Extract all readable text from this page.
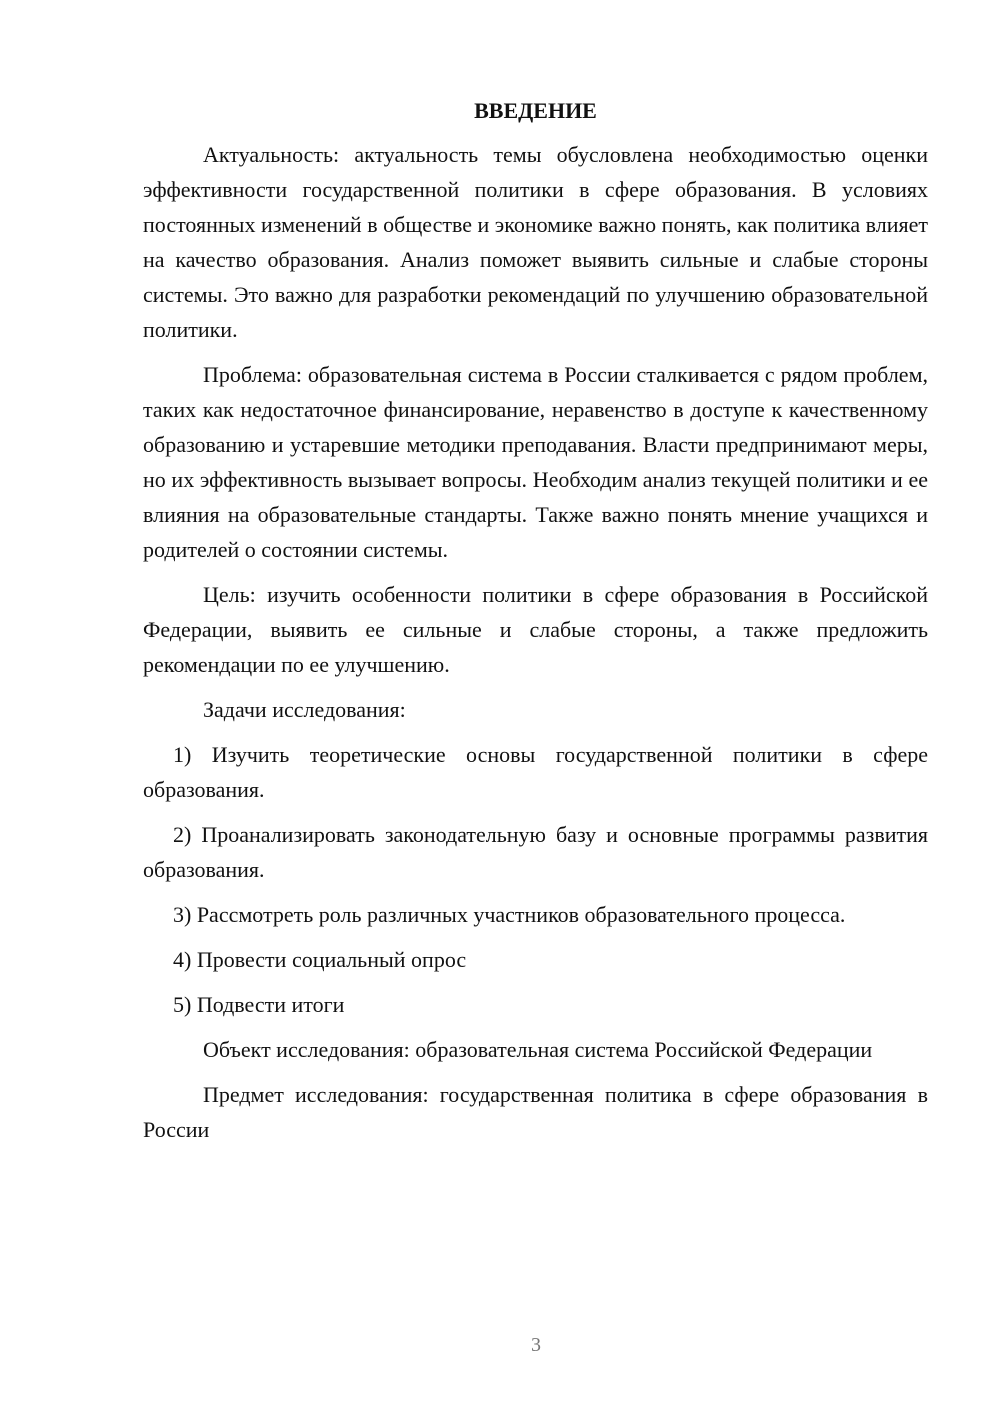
ВВЕДЕНИЕ

Актуальность: актуальность темы обусловлена необходимостью оценки эффективности государственной политики в сфере образования. В условиях постоянных изменений в обществе и экономике важно понять, как политика влияет на качество образования. Анализ поможет выявить сильные и слабые стороны системы. Это важно для разработки рекомендаций по улучшению образовательной политики.

Проблема: образовательная система в России сталкивается с рядом проблем, таких как недостаточное финансирование, неравенство в доступе к качественному образованию и устаревшие методики преподавания. Власти предпринимают меры, но их эффективность вызывает вопросы. Необходим анализ текущей политики и ее влияния на образовательные стандарты. Также важно понять мнение учащихся и родителей о состоянии системы.

Цель: изучить особенности политики в сфере образования в Российской Федерации, выявить ее сильные и слабые стороны, а также предложить рекомендации по ее улучшению.

Задачи исследования:

1) Изучить теоретические основы государственной политики в сфере образования.

2) Проанализировать законодательную базу и основные программы развития образования.

3) Рассмотреть роль различных участников образовательного процесса.

4) Провести социальный опрос

5) Подвести итоги

Объект исследования: образовательная система Российской Федерации

Предмет исследования: государственная политика в сфере образования в России

3
